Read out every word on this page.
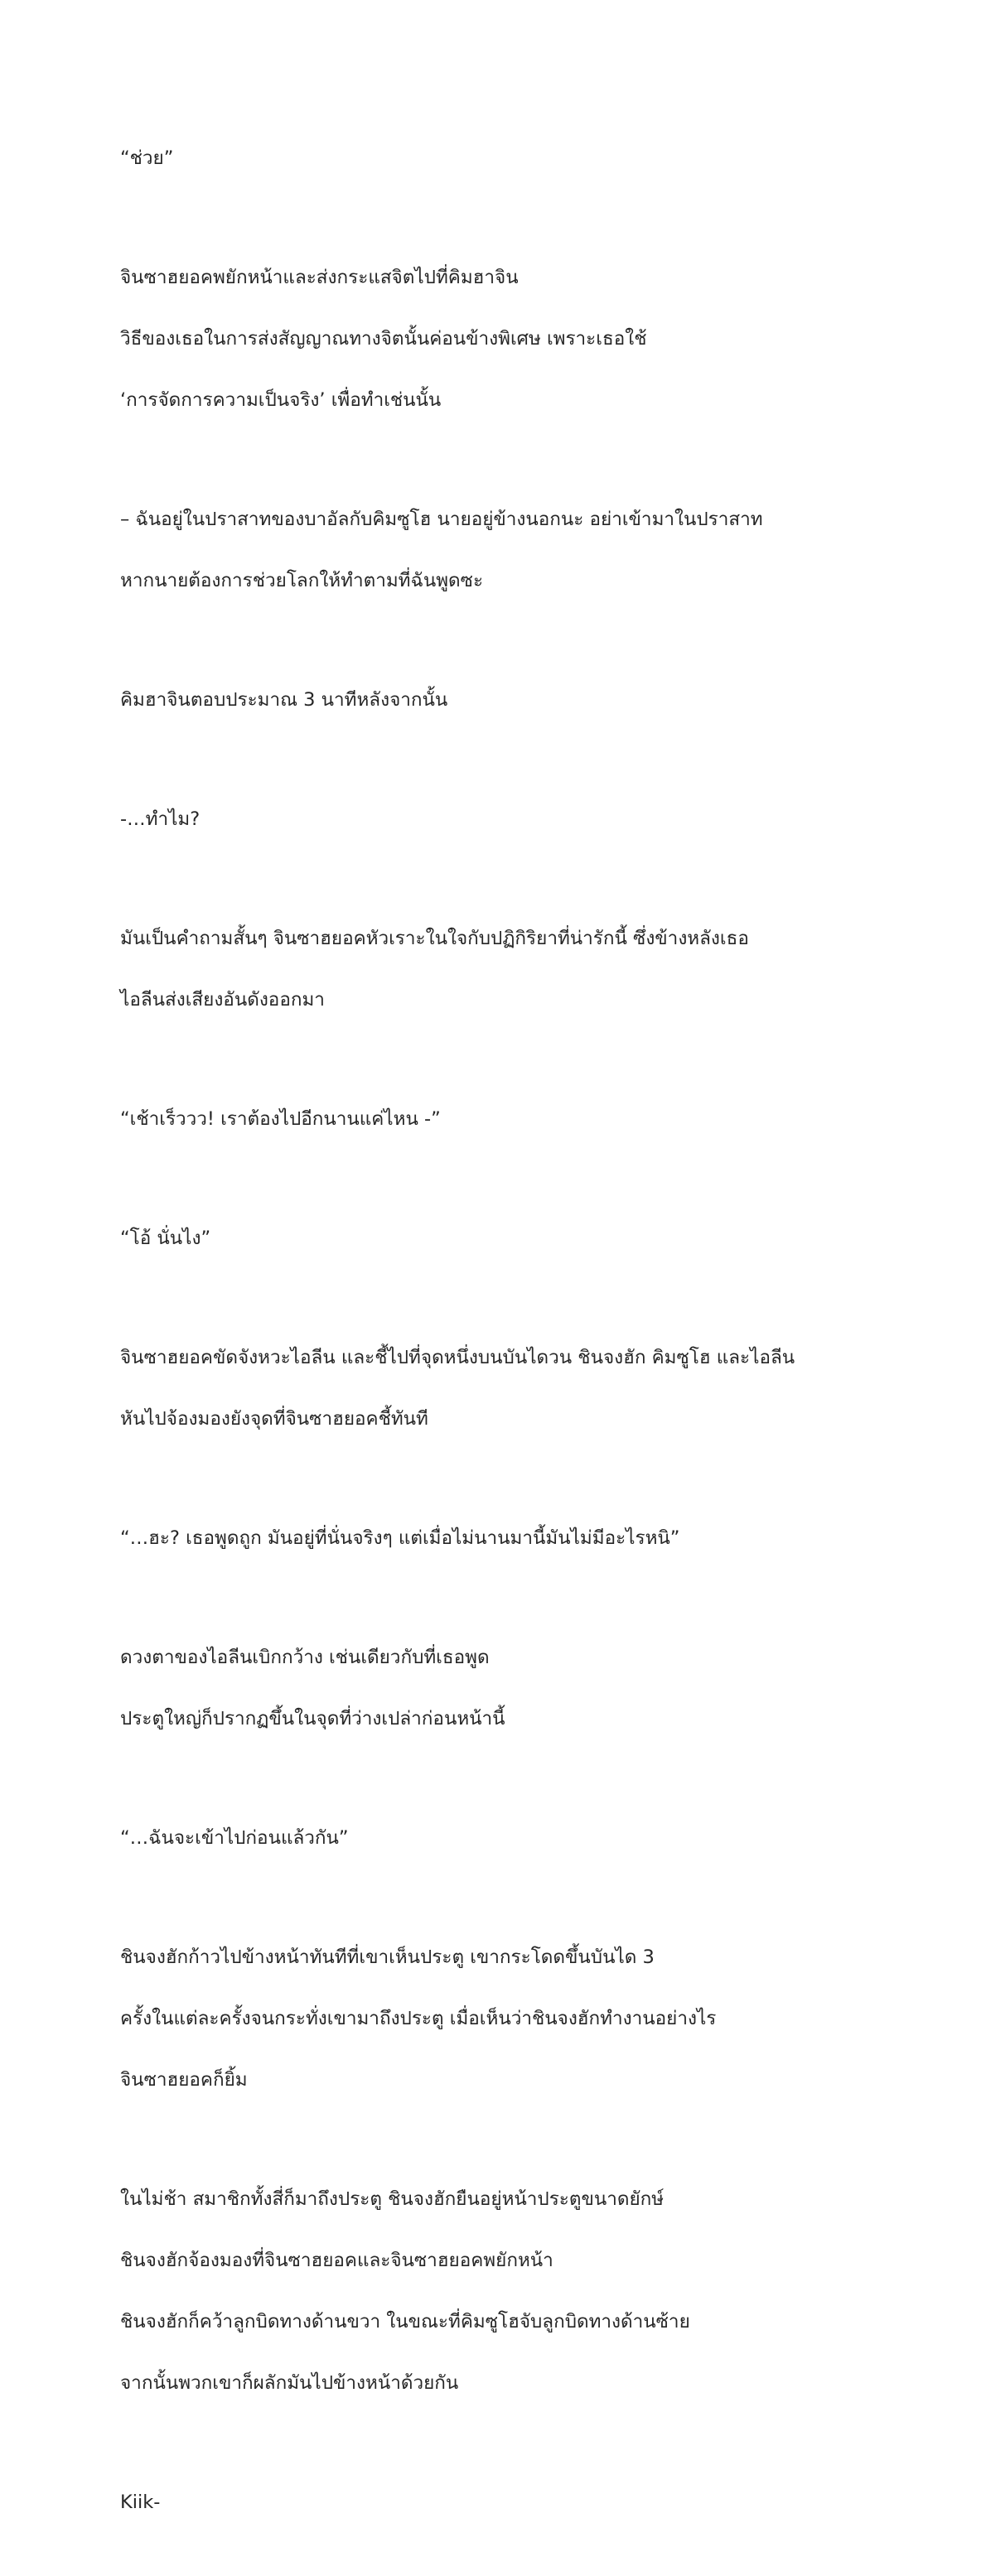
“ช่วย”

จินซาฮยอคพยักหน้าและส่งกระแสจิตไปที่คิมฮาจิน

วิธีของเธอในการส่งสัญญาณทางจิตนั้นค่อนข้างพิเศษ เพราะเธอใช้

‘การจัดการความเป็นจริง’ เพื่อทำเช่นนั้น

– ฉันอยู่ในปราสาทของบาอัลกับคิมซูโฮ นายอยู่ข้างนอกนะ อย่าเข้ามาในปราสาท

หากนายต้องการช่วยโลกให้ทำตามที่ฉันพูดซะ

คิมฮาจินตอบประมาณ 3 นาทีหลังจากนั้น

-…ทำไม?

มันเป็นคำถามสั้นๆ จินซาฮยอคหัวเราะในใจกับปฏิกิริยาที่น่ารักนี้ ซึ่งข้างหลังเธอ

ไอลีนส่งเสียงอันดังออกมา

“เช้าเร็ววว! เราต้องไปอีกนานแค่ไหน -”

“โอ้ นั่นไง”

จินซาฮยอคขัดจังหวะไอลีน และชี้ไปที่จุดหนึ่งบนบันไดวน ชินจงฮัก คิมซูโฮ และไอลีน

หันไปจ้องมองยังจุดที่จินซาฮยอคชี้ทันที

“…ฮะ? เธอพูดถูก มันอยู่ที่นั่นจริงๆ แต่เมื่อไม่นานมานี้มันไม่มีอะไรหนิ”

ดวงตาของไอลีนเบิกกว้าง เช่นเดียวกับที่เธอพูด

ประตูใหญ่ก็ปรากฏขึ้นในจุดที่ว่างเปล่าก่อนหน้านี้

“…ฉันจะเข้าไปก่อนแล้วกัน”

ชินจงฮักก้าวไปข้างหน้าทันทีที่เขาเห็นประตู เขากระโดดขึ้นบันได 3

ครั้งในแต่ละครั้งจนกระทั่งเขามาถึงประตู เมื่อเห็นว่าชินจงฮักทำงานอย่างไร

จินซาฮยอคก็ยิ้ม

ในไม่ช้า สมาชิกทั้งสี่ก็มาถึงประตู ชินจงฮักยืนอยู่หน้าประตูขนาดยักษ์

ชินจงฮักจ้องมองที่จินซาฮยอคและจินซาฮยอคพยักหน้า

ชินจงฮักก็คว้าลูกบิดทางด้านขวา ในขณะที่คิมซูโฮจับลูกบิดทางด้านซ้าย

จากนั้นพวกเขาก็ผลักมันไปข้างหน้าด้วยกัน

Kiik-
